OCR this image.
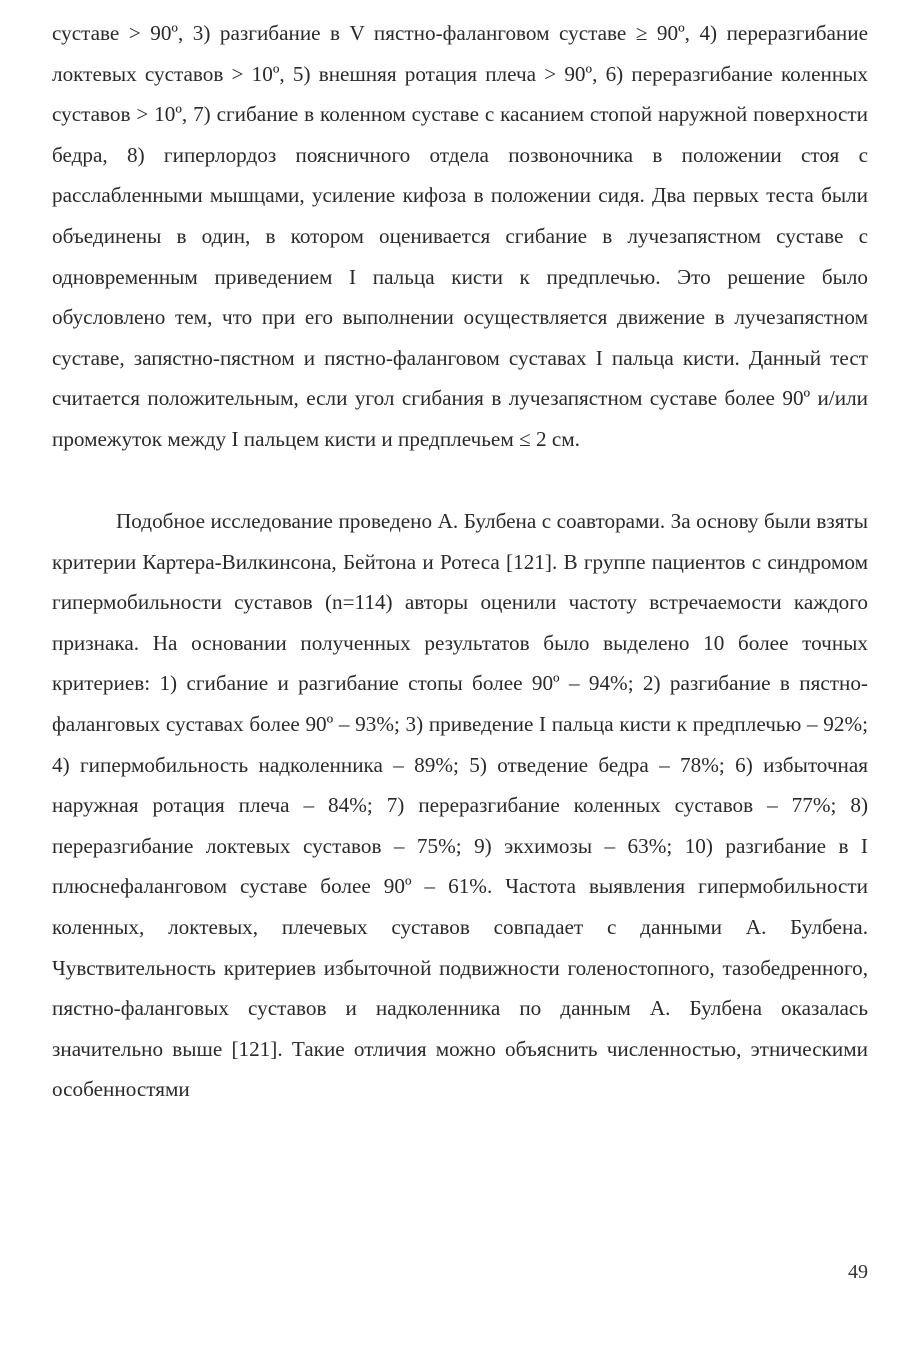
суставе > 90º, 3) разгибание в V пястно-фаланговом суставе ≥ 90º, 4) переразгибание локтевых суставов > 10º, 5) внешняя ротация плеча > 90º, 6) переразгибание коленных суставов > 10º, 7) сгибание в коленном суставе с касанием стопой наружной поверхности бедра, 8) гиперлордоз поясничного отдела позвоночника в положении стоя с расслабленными мышцами, усиление кифоза в положении сидя. Два первых теста были объединены в один, в котором оценивается сгибание в лучезапястном суставе с одновременным приведением I пальца кисти к предплечью. Это решение было обусловлено тем, что при его выполнении осуществляется движение в лучезапястном суставе, запястно-пястном и пястно-фаланговом суставах I пальца кисти. Данный тест считается положительным, если угол сгибания в лучезапястном суставе более 90º и/или промежуток между I пальцем кисти и предплечьем ≤ 2 см.

Подобное исследование проведено А. Булбена с соавторами. За основу были взяты критерии Картера-Вилкинсона, Бейтона и Ротеса [121]. В группе пациентов с синдромом гипермобильности суставов (n=114) авторы оценили частоту встречаемости каждого признака. На основании полученных результатов было выделено 10 более точных критериев: 1) сгибание и разгибание стопы более 90º – 94%; 2) разгибание в пястно-фаланговых суставах более 90º – 93%; 3) приведение I пальца кисти к предплечью – 92%; 4) гипермобильность надколенника – 89%; 5) отведение бедра – 78%; 6) избыточная наружная ротация плеча – 84%; 7) переразгибание коленных суставов – 77%; 8) переразгибание локтевых суставов – 75%; 9) экхимозы – 63%; 10) разгибание в I плюснефаланговом суставе более 90º – 61%. Частота выявления гипермобильности коленных, локтевых, плечевых суставов совпадает с данными А. Булбена. Чувствительность критериев избыточной подвижности голеностопного, тазобедренного, пястно-фаланговых суставов и надколенника по данным А. Булбена оказалась значительно выше [121]. Такие отличия можно объяснить численностью, этническими особенностями

49
